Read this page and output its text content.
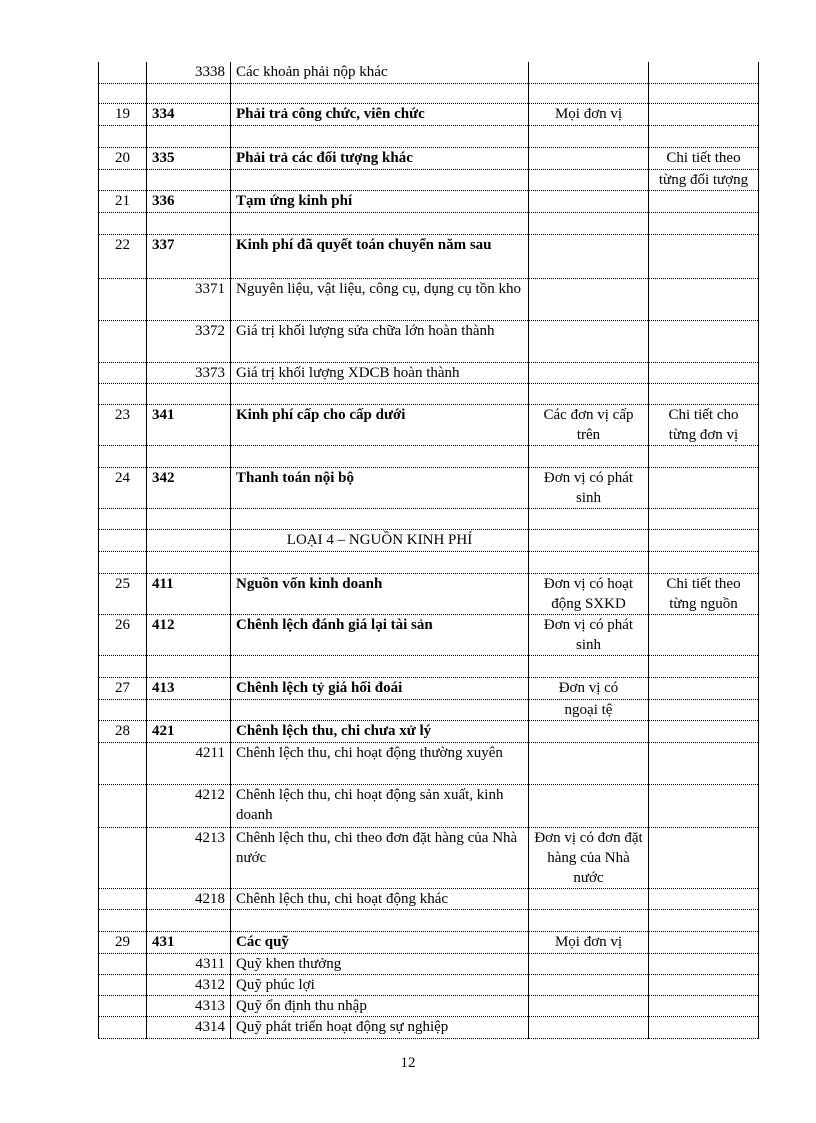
	3338	Các khoản phải nộp khác		

19	334	Phải trả công chức, viên chức	Mọi đơn vị	

20	335	Phải trả các đối tượng khác		Chi tiết theo
				từng đối tượng
21	336	Tạm ứng kinh phí		

22	337	Kinh phí đã quyết toán chuyển năm sau		
	3371	Nguyên liệu, vật liệu, công cụ, dụng cụ tồn kho		
	3372	Giá trị khối lượng sửa chữa lớn hoàn thành		
	3373	Giá trị khối lượng XDCB hoàn thành		

23	341	Kinh phí cấp cho cấp dưới	Các đơn vị cấp trên	Chi tiết cho từng đơn vị

24	342	Thanh toán nội bộ	Đơn vị có phát sinh	

		LOẠI 4 – NGUỒN KINH PHÍ		

25	411	Nguồn vốn kinh doanh	Đơn vị có hoạt động SXKD	Chi tiết theo từng nguồn
26	412	Chênh lệch đánh giá lại tài sản	Đơn vị có phát sinh	

27	413	Chênh lệch tỷ giá hối đoái	Đơn vị có	
			ngoại tệ	
28	421	Chênh lệch thu, chi chưa xử lý		
	4211	Chênh lệch thu, chi hoạt động thường xuyên		
	4212	Chênh lệch thu, chi hoạt động sản xuất, kinh doanh		
	4213	Chênh lệch thu, chi theo đơn đặt hàng của Nhà nước	Đơn vị có đơn đặt hàng của Nhà nước	
	4218	Chênh lệch thu, chi hoạt động khác		

29	431	Các quỹ	Mọi đơn vị	
	4311	Quỹ khen thưởng		
	4312	Quỹ phúc lợi		
	4313	Quỹ ổn định thu nhập		
	4314	Quỹ phát triển hoạt động sự nghiệp		
12
